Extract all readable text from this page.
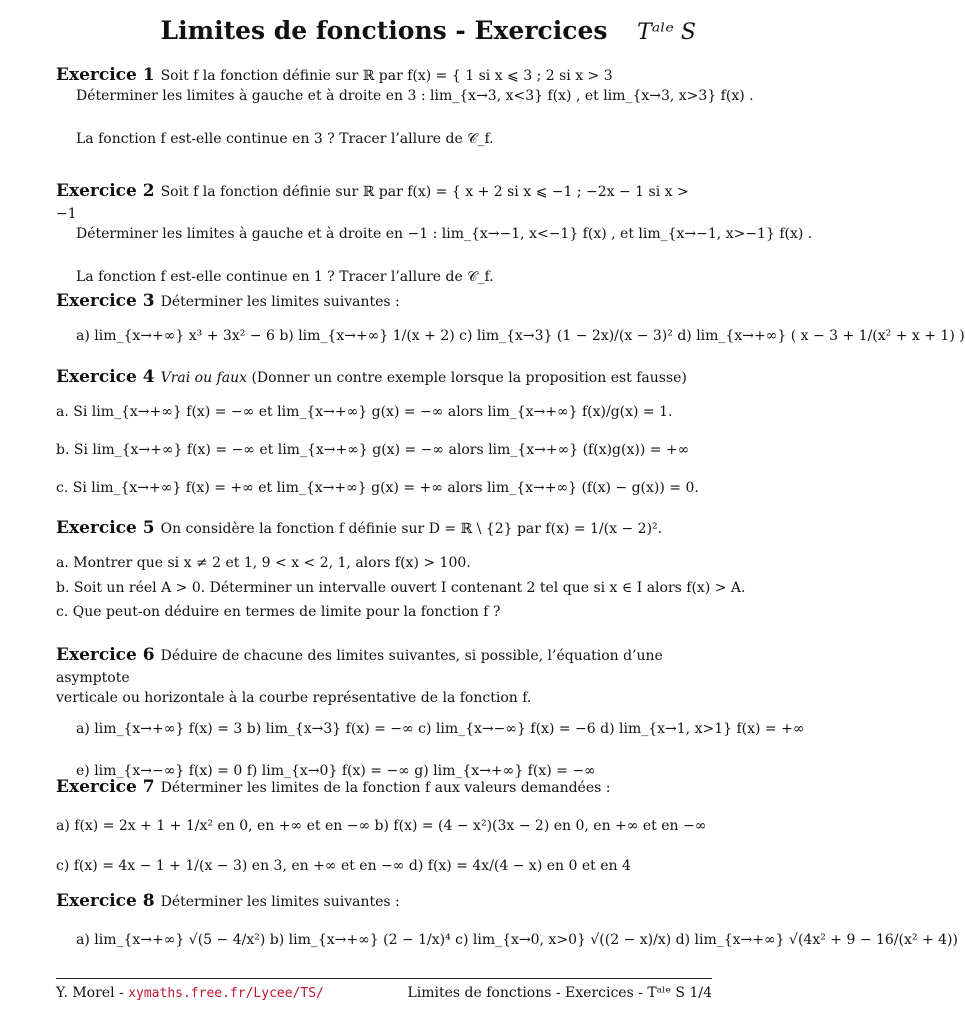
Limites de fonctions - Exercices	Tᵃˡᵉ S
Exercice 1 Soit f la fonction définie sur ℝ par f(x) = { 1 si x ⩽ 3 ; 2 si x > 3
Déterminer les limites à gauche et à droite en 3 : lim_{x→3, x<3} f(x) , et lim_{x→3, x>3} f(x) .
La fonction f est-elle continue en 3 ? Tracer l’allure de 𝒞_f.
Exercice 2 Soit f la fonction définie sur ℝ par f(x) = { x + 2 si x ⩽ −1 ; −2x − 1 si x > −1
Déterminer les limites à gauche et à droite en −1 : lim_{x→−1, x<−1} f(x) , et lim_{x→−1, x>−1} f(x) .
La fonction f est-elle continue en 1 ? Tracer l’allure de 𝒞_f.
Exercice 3 Déterminer les limites suivantes :
a) lim_{x→+∞} x³ + 3x² − 6 b) lim_{x→+∞} 1/(x + 2) c) lim_{x→3} (1 − 2x)/(x − 3)² d) lim_{x→+∞} ( x − 3 + 1/(x² + x + 1) )
Exercice 4 Vrai ou faux (Donner un contre exemple lorsque la proposition est fausse)
a. Si lim_{x→+∞} f(x) = −∞ et lim_{x→+∞} g(x) = −∞ alors lim_{x→+∞} f(x)/g(x) = 1.
b. Si lim_{x→+∞} f(x) = −∞ et lim_{x→+∞} g(x) = −∞ alors lim_{x→+∞} (f(x)g(x)) = +∞
c. Si lim_{x→+∞} f(x) = +∞ et lim_{x→+∞} g(x) = +∞ alors lim_{x→+∞} (f(x) − g(x)) = 0.
Exercice 5 On considère la fonction f définie sur D = ℝ \ {2} par f(x) = 1/(x − 2)².
a. Montrer que si x ≠ 2 et 1, 9 < x < 2, 1, alors f(x) > 100.
b. Soit un réel A > 0. Déterminer un intervalle ouvert I contenant 2 tel que si x ∈ I alors f(x) > A.
c. Que peut-on déduire en termes de limite pour la fonction f ?
Exercice 6 Déduire de chacune des limites suivantes, si possible, l’équation d’une asymptote
verticale ou horizontale à la courbe représentative de la fonction f.
a) lim_{x→+∞} f(x) = 3 b) lim_{x→3} f(x) = −∞ c) lim_{x→−∞} f(x) = −6 d) lim_{x→1, x>1} f(x) = +∞
e) lim_{x→−∞} f(x) = 0 f) lim_{x→0} f(x) = −∞ g) lim_{x→+∞} f(x) = −∞
Exercice 7 Déterminer les limites de la fonction f aux valeurs demandées :
a) f(x) = 2x + 1 + 1/x² en 0, en +∞ et en −∞ b) f(x) = (4 − x²)(3x − 2) en 0, en +∞ et en −∞
c) f(x) = 4x − 1 + 1/(x − 3) en 3, en +∞ et en −∞ d) f(x) = 4x/(4 − x) en 0 et en 4
Exercice 8 Déterminer les limites suivantes :
a) lim_{x→+∞} √(5 − 4/x²) b) lim_{x→+∞} (2 − 1/x)⁴ c) lim_{x→0, x>0} √((2 − x)/x) d) lim_{x→+∞} √(4x² + 9 − 16/(x² + 4))
Y. Morel - xymaths.free.fr/Lycee/TS/	Limites de fonctions - Exercices - Tᵃˡᵉ S 1/4
